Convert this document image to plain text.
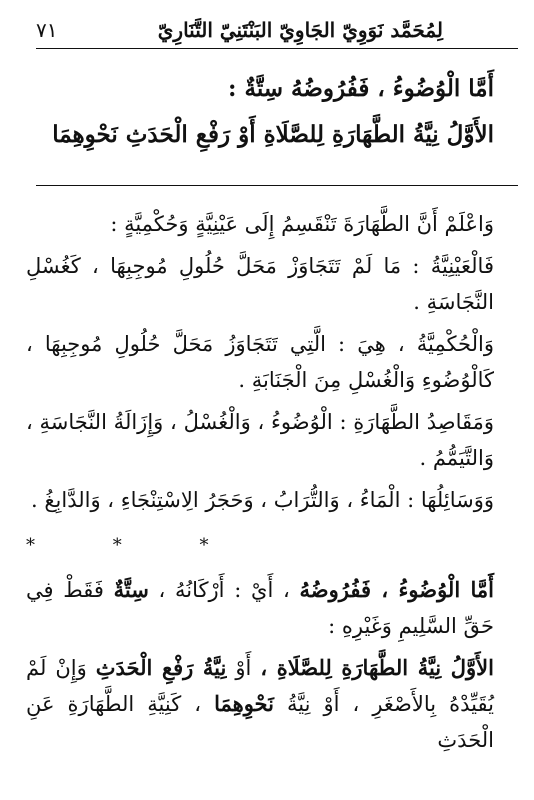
٧١	لِمُحَمَّد نَوَوِيّ الجَاوِيّ البَنْتَنِيّ التَّنَارِيّ

أَمَّا الْوُضُوءُ ، فَفُرُوضُهُ سِتَّةٌ :

الأَوَّلُ نِيَّةُ الطَّهَارَةِ لِلصَّلَاةِ أَوْ رَفْعِ الْحَدَثِ نَحْوِهِمَا

وَاعْلَمْ أَنَّ الطَّهَارَةَ تَنْقَسِمُ إِلَى عَيْنِيَّةٍ وَحُكْمِيَّةٍ :

فَالْعَيْنِيَّةُ : مَا لَمْ تَتَجَاوَزْ مَحَلَّ حُلُولِ مُوجِبِهَا ، كَغُسْلِ النَّجَاسَةِ .

وَالْحُكْمِيَّةُ ، هِيَ : الَّتِي تَتَجَاوَزُ مَحَلَّ حُلُولِ مُوجِبِهَا ، كَالْوُضُوءِ وَالْغُسْلِ مِنَ الْجَنَابَةِ .

وَمَقَاصِدُ الطَّهَارَةِ : الْوُضُوءُ ، وَالْغُسْلُ ، وَإِزَالَةُ النَّجَاسَةِ ، وَالتَّيَمُّمُ .

وَوَسَائِلُهَا : الْمَاءُ ، وَالتُّرَابُ ، وَحَجَرُ الِاسْتِنْجَاءِ ، وَالدَّابِغُ .

* * *

أَمَّا الْوُضُوءُ ، فَفُرُوضُهُ ، أَيْ : أَرْكَانُهُ ، سِتَّةٌ فَقَطْ فِي حَقِّ السَّلِيمِ وَغَيْرِهِ :

الأَوَّلُ نِيَّةُ الطَّهَارَةِ لِلصَّلَاةِ ، أَوْ نِيَّةُ رَفْعِ الْحَدَثِ وَإِنْ لَمْ يُقَيِّدْهُ بِالأَصْغَرِ ، أَوْ نِيَّةُ نَحْوِهِمَا ، كَنِيَّةِ الطَّهَارَةِ عَنِ الْحَدَثِ
